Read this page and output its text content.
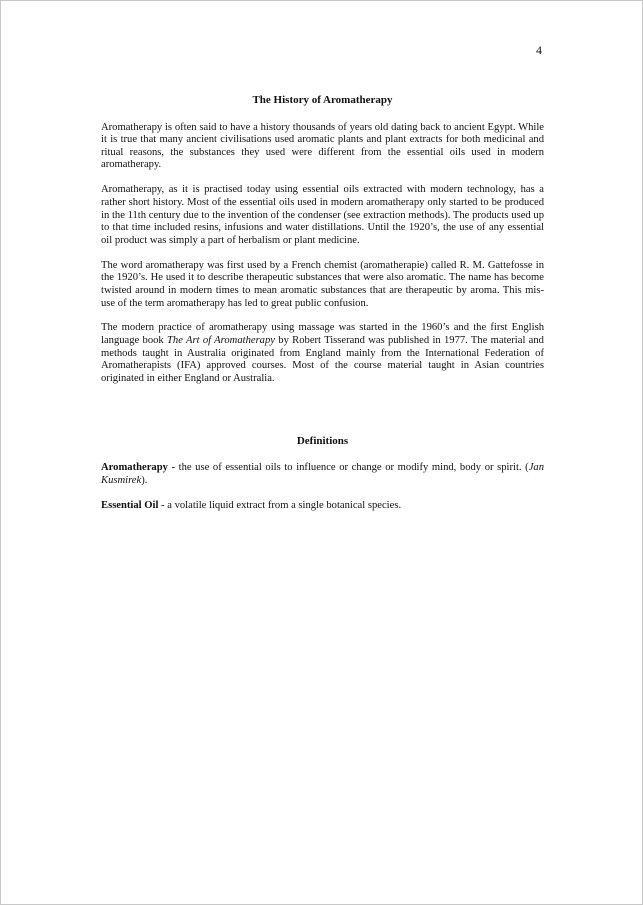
4
The History of Aromatherapy

Aromatherapy is often said to have a history thousands of years old dating back to ancient Egypt. While it is true that many ancient civilisations used aromatic plants and plant extracts for both medicinal and ritual reasons, the substances they used were different from the essential oils used in modern aromatherapy.

Aromatherapy, as it is practised today using essential oils extracted with modern technology, has a rather short history. Most of the essential oils used in modern aromatherapy only started to be produced in the 11th century due to the invention of the condenser (see extraction methods). The products used up to that time included resins, infusions and water distillations. Until the 1920’s, the use of any essential oil product was simply a part of herbalism or plant medicine.

The word aromatherapy was first used by a French chemist (aromatherapie) called R. M. Gattefosse in the 1920’s. He used it to describe therapeutic substances that were also aromatic. The name has become twisted around in modern times to mean aromatic substances that are therapeutic by aroma. This mis-use of the term aromatherapy has led to great public confusion.

The modern practice of aromatherapy using massage was started in the 1960’s and the first English language book The Art of Aromatherapy by Robert Tisserand was published in 1977. The material and methods taught in Australia originated from England mainly from the International Federation of Aromatherapists (IFA) approved courses. Most of the course material taught in Asian countries originated in either England or Australia.

Definitions

Aromatherapy - the use of essential oils to influence or change or modify mind, body or spirit. (Jan Kusmirek).

Essential Oil - a volatile liquid extract from a single botanical species.
